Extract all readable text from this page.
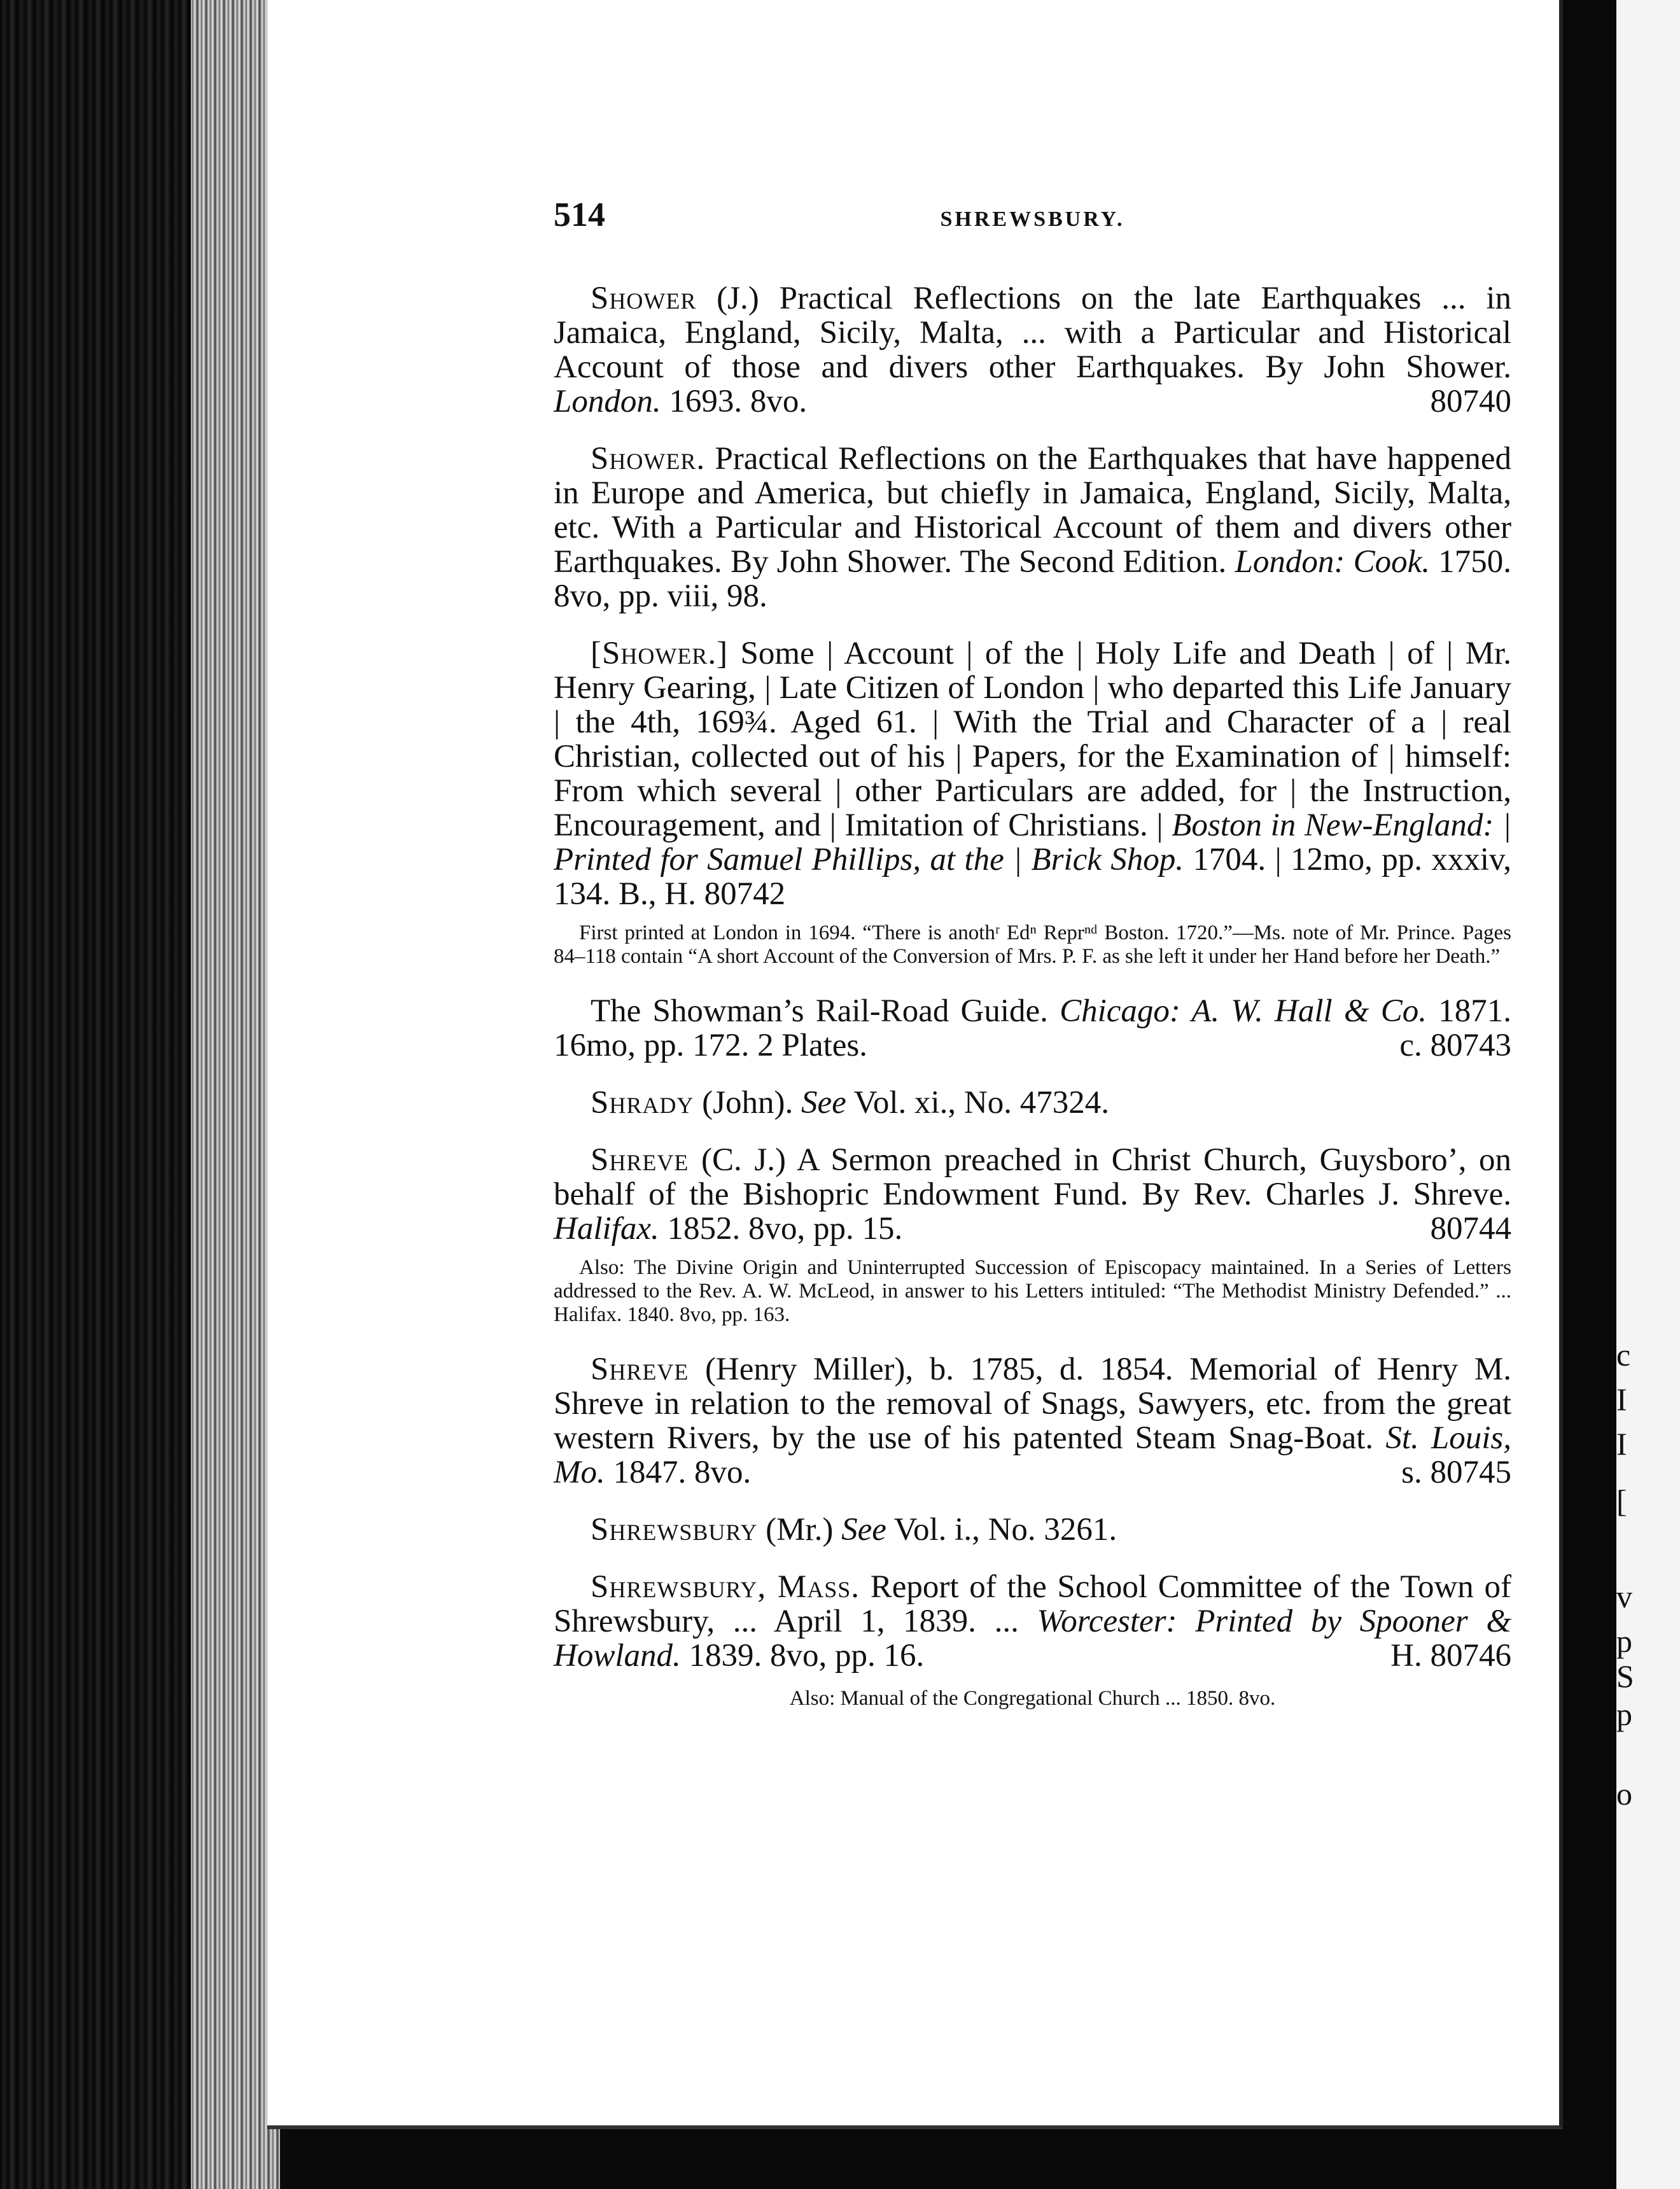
c
I
I
[
v
p
S
p
o
514	SHREWSBURY.

Shower (J.) Practical Reflections on the late Earthquakes ... in Jamaica, England, Sicily, Malta, ... with a Particular and Historical Account of those and divers other Earthquakes. By John Shower. London. 1693. 8vo.	80740

Shower. Practical Reflections on the Earthquakes that have happened in Europe and America, but chiefly in Jamaica, England, Sicily, Malta, etc. With a Particular and Historical Account of them and divers other Earthquakes. By John Shower. The Second Edition. London: Cook. 1750. 8vo, pp. viii, 98.

[Shower.] Some | Account | of the | Holy Life and Death | of | Mr. Henry Gearing, | Late Citizen of London | who departed this Life January | the 4th, 169¾. Aged 61. | With the Trial and Character of a | real Christian, collected out of his | Papers, for the Examination of | himself: From which several | other Particulars are added, for | the Instruction, Encouragement, and | Imitation of Christians. | Boston in New-England: | Printed for Samuel Phillips, at the | Brick Shop. 1704. | 12mo, pp. xxxiv, 134. B., H. 80742

First printed at London in 1694. “There is anothʳ Edⁿ Reprⁿᵈ Boston. 1720.”—Ms. note of Mr. Prince. Pages 84–118 contain “A short Account of the Conversion of Mrs. P. F. as she left it under her Hand before her Death.”

The Showman’s Rail-Road Guide. Chicago: A. W. Hall & Co. 1871. 16mo, pp. 172. 2 Plates.	c. 80743

Shrady (John). See Vol. xi., No. 47324.

Shreve (C. J.) A Sermon preached in Christ Church, Guysboro’, on behalf of the Bishopric Endowment Fund. By Rev. Charles J. Shreve. Halifax. 1852. 8vo, pp. 15.	80744

Also: The Divine Origin and Uninterrupted Succession of Episcopacy maintained. In a Series of Letters addressed to the Rev. A. W. McLeod, in answer to his Letters intituled: “The Methodist Ministry Defended.” ... Halifax. 1840. 8vo, pp. 163.

Shreve (Henry Miller), b. 1785, d. 1854. Memorial of Henry M. Shreve in relation to the removal of Snags, Sawyers, etc. from the great western Rivers, by the use of his patented Steam Snag-Boat. St. Louis, Mo. 1847. 8vo.	s. 80745

Shrewsbury (Mr.) See Vol. i., No. 3261.

Shrewsbury, Mass. Report of the School Committee of the Town of Shrewsbury, ... April 1, 1839. ... Worcester: Printed by Spooner & Howland. 1839. 8vo, pp. 16.	H. 80746

Also: Manual of the Congregational Church ... 1850. 8vo.
